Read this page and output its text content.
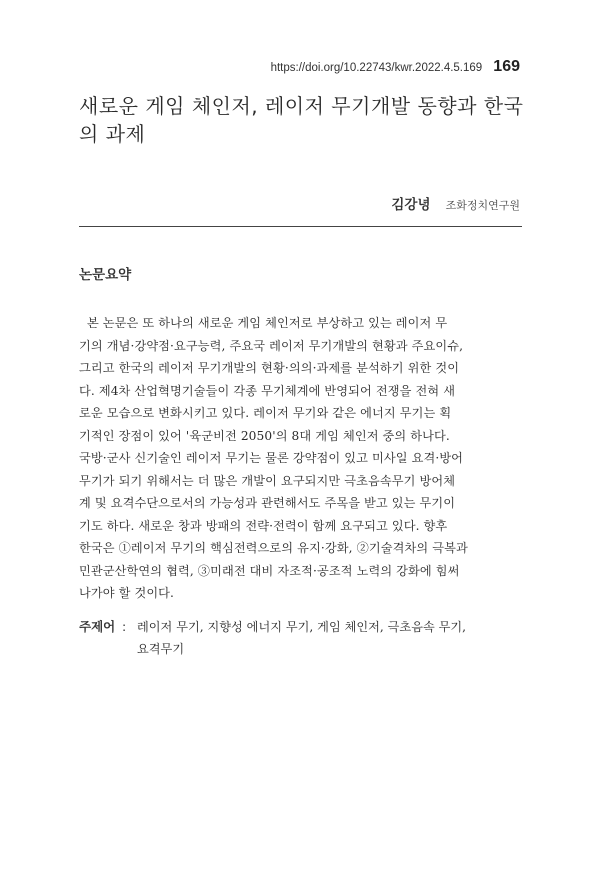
https://doi.org/10.22743/kwr.2022.4.5.169 169
새로운 게임 체인저, 레이저 무기개발 동향과 한국
의 과제
김강녕 조화정치연구원
논문요약
본 논문은 또 하나의 새로운 게임 체인저로 부상하고 있는 레이저 무
기의 개념·강약점·요구능력, 주요국 레이저 무기개발의 현황과 주요이슈,
그리고 한국의 레이저 무기개발의 현황·의의·과제를 분석하기 위한 것이
다. 제4차 산업혁명기술들이 각종 무기체계에 반영되어 전쟁을 전혀 새
로운 모습으로 변화시키고 있다. 레이저 무기와 같은 에너지 무기는 획
기적인 장점이 있어 '육군비전 2050'의 8대 게임 체인저 중의 하나다.
국방·군사 신기술인 레이저 무기는 물론 강약점이 있고 미사일 요격·방어
무기가 되기 위해서는 더 많은 개발이 요구되지만 극초음속무기 방어체
계 및 요격수단으로서의 가능성과 관련해서도 주목을 받고 있는 무기이
기도 하다. 새로운 창과 방패의 전략·전력이 함께 요구되고 있다. 향후
한국은 ①레이저 무기의 핵심전력으로의 유지·강화, ②기술격차의 극복과
민관군산학연의 협력, ③미래전 대비 자조적·공조적 노력의 강화에 힘써
나가야 할 것이다.
주제어 : 레이저 무기, 지향성 에너지 무기, 게임 체인저, 극초음속 무기,
요격무기
